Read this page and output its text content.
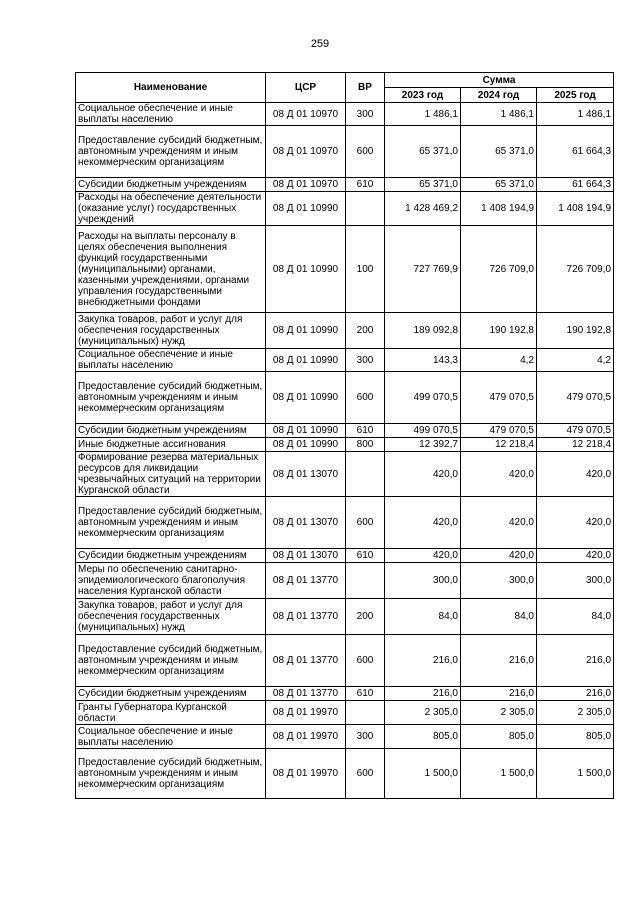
259
Наименование	ЦСР	ВР	Сумма		
			2023 год	2024 год	2025 год
Социальное обеспечение и иные выплаты населению	08 Д 01 10970	300	1 486,1	1 486,1	1 486,1
Предоставление субсидий бюджетным, автономным учреждениям и иным некоммерческим организациям	08 Д 01 10970	600	65 371,0	65 371,0	61 664,3
Субсидии бюджетным учреждениям	08 Д 01 10970	610	65 371,0	65 371,0	61 664,3
Расходы на обеспечение деятельности (оказание услуг) государственных учреждений	08 Д 01 10990		1 428 469,2	1 408 194,9	1 408 194,9
Расходы на выплаты персоналу в целях обеспечения выполнения функций государственными (муниципальными) органами, казенными учреждениями, органами управления государственными внебюджетными фондами	08 Д 01 10990	100	727 769,9	726 709,0	726 709,0
Закупка товаров, работ и услуг для обеспечения государственных (муниципальных) нужд	08 Д 01 10990	200	189 092,8	190 192,8	190 192,8
Социальное обеспечение и иные выплаты населению	08 Д 01 10990	300	143,3	4,2	4,2
Предоставление субсидий бюджетным, автономным учреждениям и иным некоммерческим организациям	08 Д 01 10990	600	499 070,5	479 070,5	479 070,5
Субсидии бюджетным учреждениям	08 Д 01 10990	610	499 070,5	479 070,5	479 070,5
Иные бюджетные ассигнования	08 Д 01 10990	800	12 392,7	12 218,4	12 218,4
Формирование резерва материальных ресурсов для ликвидации чрезвычайных ситуаций на территории Курганской области	08 Д 01 13070		420,0	420,0	420,0
Предоставление субсидий бюджетным, автономным учреждениям и иным некоммерческим организациям	08 Д 01 13070	600	420,0	420,0	420,0
Субсидии бюджетным учреждениям	08 Д 01 13070	610	420,0	420,0	420,0
Меры по обеспечению санитарно-эпидемиологического благополучия населения Курганской области	08 Д 01 13770		300,0	300,0	300,0
Закупка товаров, работ и услуг для обеспечения государственных (муниципальных) нужд	08 Д 01 13770	200	84,0	84,0	84,0
Предоставление субсидий бюджетным, автономным учреждениям и иным некоммерческим организациям	08 Д 01 13770	600	216,0	216,0	216,0
Субсидии бюджетным учреждениям	08 Д 01 13770	610	216,0	216,0	216,0
Гранты Губернатора Курганской области	08 Д 01 19970		2 305,0	2 305,0	2 305,0
Социальное обеспечение и иные выплаты населению	08 Д 01 19970	300	805,0	805,0	805,0
Предоставление субсидий бюджетным, автономным учреждениям и иным некоммерческим организациям	08 Д 01 19970	600	1 500,0	1 500,0	1 500,0
